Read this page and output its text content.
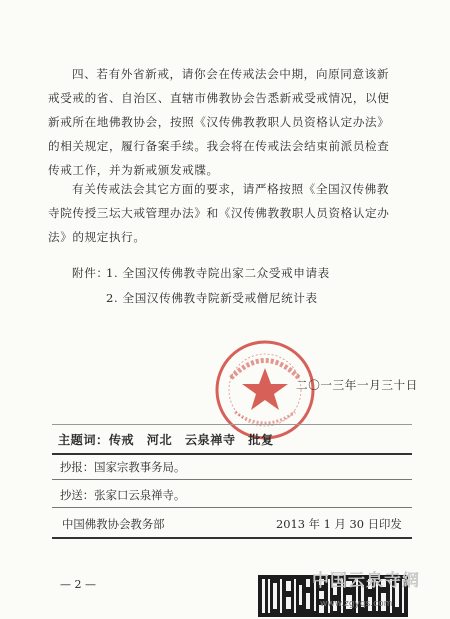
四、若有外省新戒，请你会在传戒法会中期，向原同意该新
戒受戒的省、自治区、直辖市佛教协会告悉新戒受戒情况，以便
新戒所在地佛教协会，按照《汉传佛教教职人员资格认定办法》
的相关规定，履行备案手续。我会将在传戒法会结束前派员检查
传戒工作，并为新戒颁发戒牒。
有关传戒法会其它方面的要求，请严格按照《全国汉传佛教
寺院传授三坛大戒管理办法》和《汉传佛教教职人员资格认定办
法》的规定执行。
附件：
1. 全国汉传佛教寺院出家二众受戒申请表
2. 全国汉传佛教寺院新受戒僧尼统计表
二〇一三年一月三十日
主题词：传戒　河北　云泉禅寺　批复
抄报：国家宗教事务局。
抄送：张家口云泉禅寺。
中国佛教协会教务部	2013 年 1 月 30 日印发
— 2 —	中国云泉寺網
www.zgyqs.com
